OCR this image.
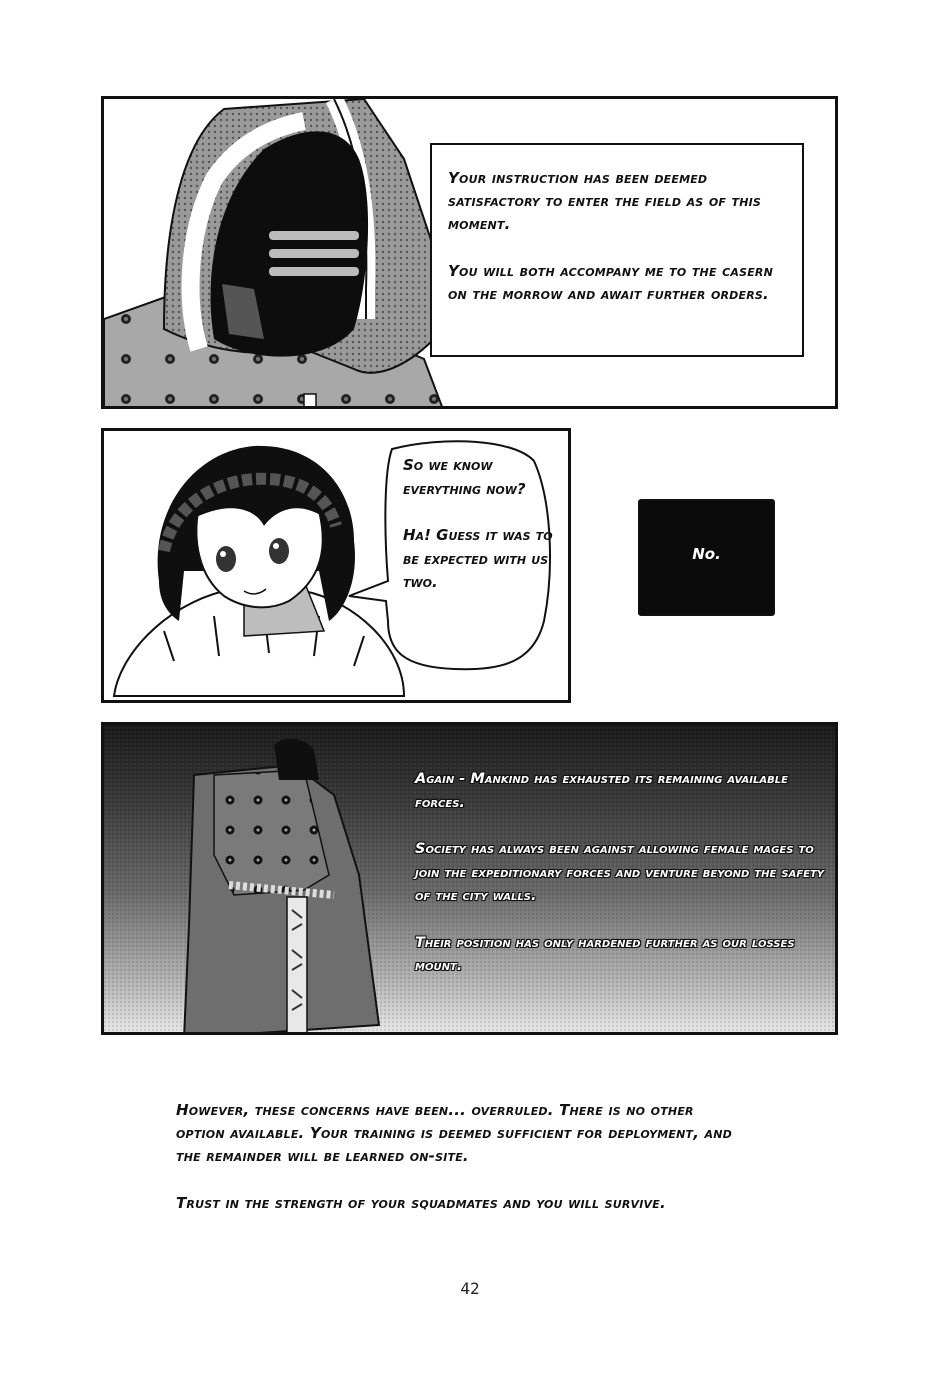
Your instruction has been deemed satisfactory to enter the field as of this moment.

You will both accompany me to the casern on the morrow and await further orders.

So we know everything now?

Ha! Guess it was to be expected with us two.

No.

Again - Mankind has exhausted its remaining available forces.

Society has always been against allowing female mages to join the expeditionary forces and venture beyond the safety of the city walls.

Their position has only hardened further as our losses mount.

However, these concerns have been... overruled. There is no other option available. Your training is deemed sufficient for deployment, and the remainder will be learned on-site.

Trust in the strength of your squadmates and you will survive.

42
